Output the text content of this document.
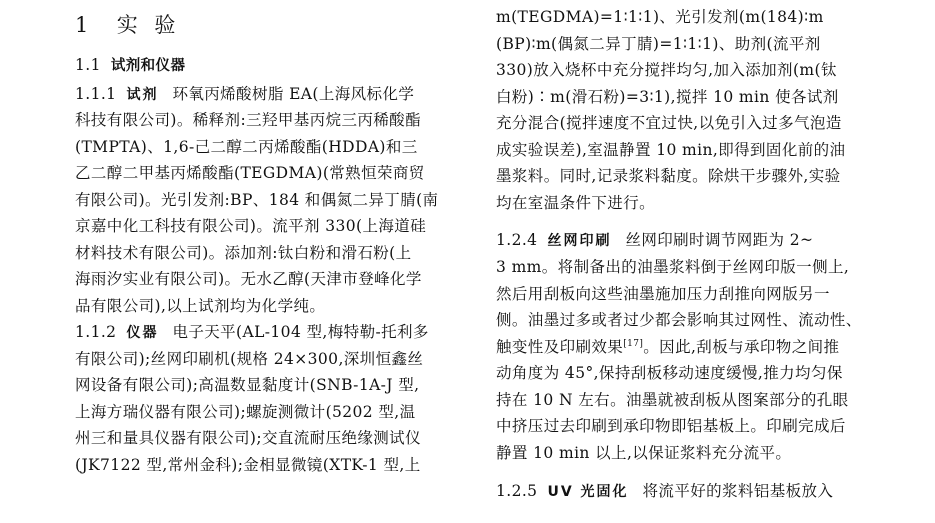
1 实 验
1.1 试剂和仪器
1.1.1 试剂 环氧丙烯酸树脂 EA(上海风标化学
科技有限公司)。稀释剂:三羟甲基丙烷三丙稀酸酯
(TMPTA)、1,6-己二醇二丙烯酸酯(HDDA)和三
乙二醇二甲基丙烯酸酯(TEGDMA)(常熟恒荣商贸
有限公司)。光引发剂:BP、184 和偶氮二异丁腈(南
京嘉中化工科技有限公司)。流平剂 330(上海道硅
材料技术有限公司)。添加剂:钛白粉和滑石粉(上
海雨汐实业有限公司)。无水乙醇(天津市登峰化学
品有限公司),以上试剂均为化学纯。
1.1.2 仪器 电子天平(AL-104 型,梅特勒-托利多
有限公司);丝网印刷机(规格 24×300,深圳恒鑫丝
网设备有限公司);高温数显黏度计(SNB-1A-J 型,
上海方瑞仪器有限公司);螺旋测微计(5202 型,温
州三和量具仪器有限公司);交直流耐压绝缘测试仪
(JK7122 型,常州金科);金相显微镜(XTK-1 型,上
m(TEGDMA)=1∶1∶1)、光引发剂(m(184)∶m
(BP)∶m(偶氮二异丁腈)=1∶1∶1)、助剂(流平剂
330)放入烧杯中充分搅拌均匀,加入添加剂(m(钛
白粉)∶m(滑石粉)=3∶1),搅拌 10 min 使各试剂
充分混合(搅拌速度不宜过快,以免引入过多气泡造
成实验误差),室温静置 10 min,即得到固化前的油
墨浆料。同时,记录浆料黏度。除烘干步骤外,实验
均在室温条件下进行。
1.2.4 丝网印刷 丝网印刷时调节网距为 2~
3 mm。将制备出的油墨浆料倒于丝网印版一侧上,
然后用刮板向这些油墨施加压力刮推向网版另一
侧。油墨过多或者过少都会影响其过网性、流动性、
触变性及印刷效果[17]。因此,刮板与承印物之间推
动角度为 45°,保持刮板移动速度缓慢,推力均匀保
持在 10 N 左右。油墨就被刮板从图案部分的孔眼
中挤压过去印刷到承印物即铝基板上。印刷完成后
静置 10 min 以上,以保证浆料充分流平。
1.2.5 UV 光固化 将流平好的浆料铝基板放入
